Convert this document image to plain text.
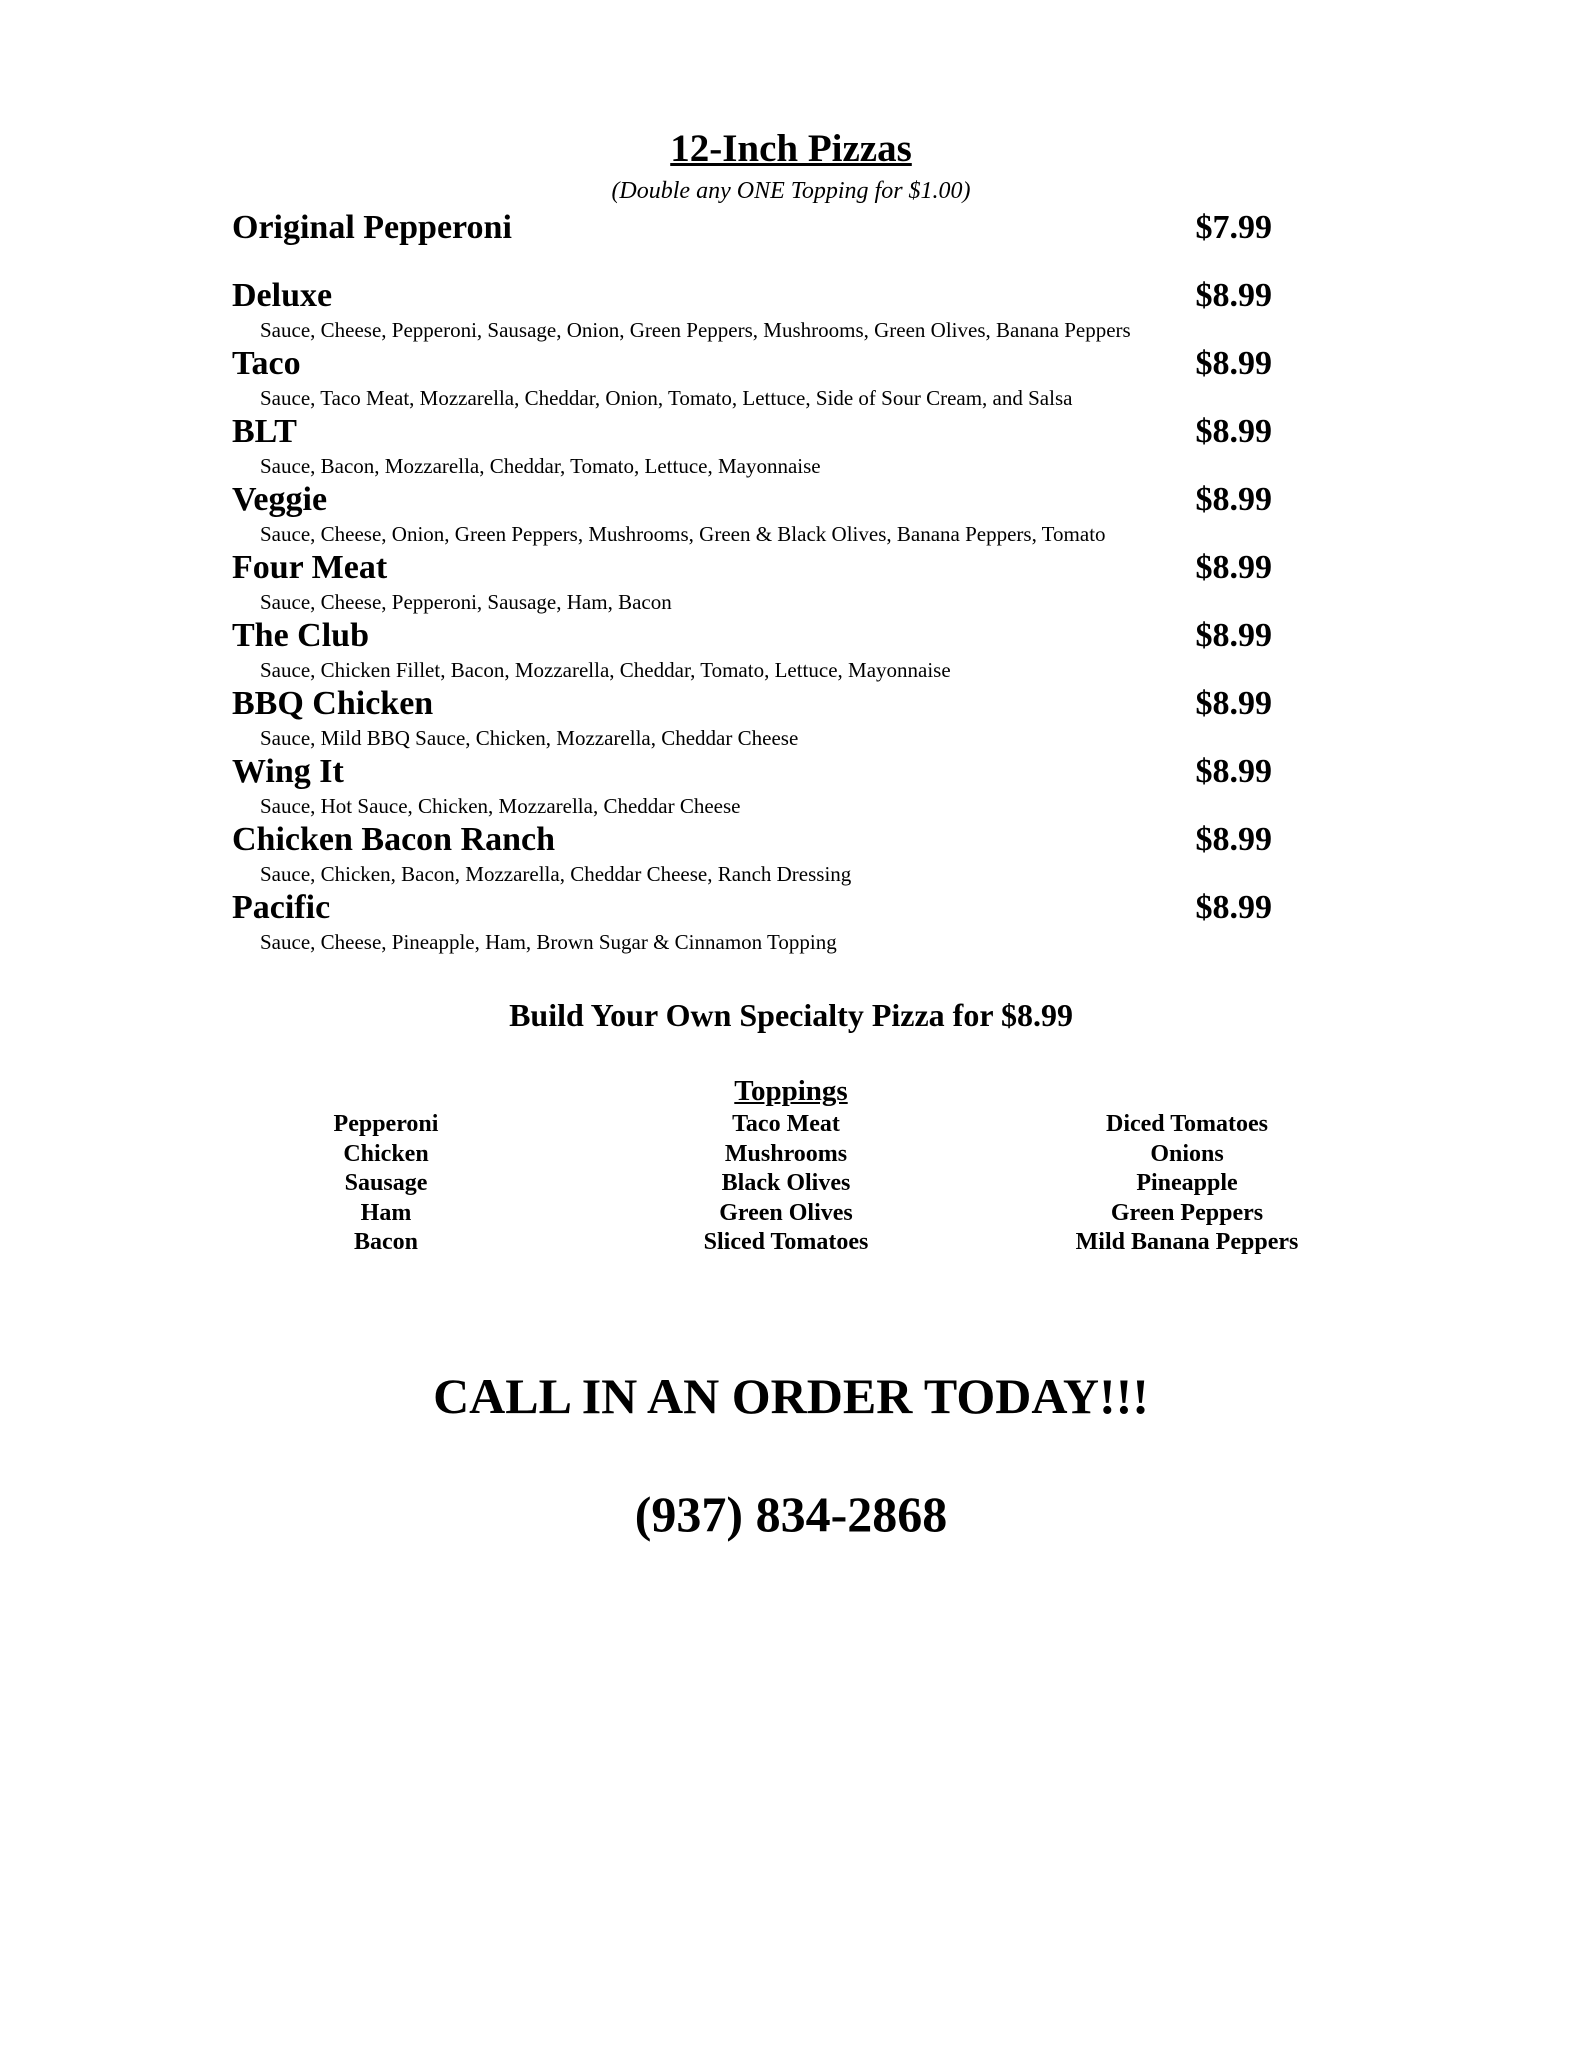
12-Inch Pizzas
(Double any ONE Topping for $1.00)
Original Pepperoni	$7.99
Deluxe	$8.99
Sauce, Cheese, Pepperoni, Sausage, Onion, Green Peppers, Mushrooms, Green Olives, Banana Peppers
Taco	$8.99
Sauce, Taco Meat, Mozzarella, Cheddar, Onion, Tomato, Lettuce, Side of Sour Cream, and Salsa
BLT	$8.99
Sauce, Bacon, Mozzarella, Cheddar, Tomato, Lettuce, Mayonnaise
Veggie	$8.99
Sauce, Cheese, Onion, Green Peppers, Mushrooms, Green & Black Olives, Banana Peppers, Tomato
Four Meat	$8.99
Sauce, Cheese, Pepperoni, Sausage, Ham, Bacon
The Club	$8.99
Sauce, Chicken Fillet, Bacon, Mozzarella, Cheddar, Tomato, Lettuce, Mayonnaise
BBQ Chicken	$8.99
Sauce, Mild BBQ Sauce, Chicken, Mozzarella, Cheddar Cheese
Wing It	$8.99
Sauce, Hot Sauce, Chicken, Mozzarella, Cheddar Cheese
Chicken Bacon Ranch	$8.99
Sauce, Chicken, Bacon, Mozzarella, Cheddar Cheese, Ranch Dressing
Pacific	$8.99
Sauce, Cheese, Pineapple, Ham, Brown Sugar & Cinnamon Topping
Build Your Own Specialty Pizza for $8.99
Toppings
Pepperoni
Chicken
Sausage
Ham
Bacon
Taco Meat
Mushrooms
Black Olives
Green Olives
Sliced Tomatoes
Diced Tomatoes
Onions
Pineapple
Green Peppers
Mild Banana Peppers
CALL IN AN ORDER TODAY!!!
(937) 834-2868
